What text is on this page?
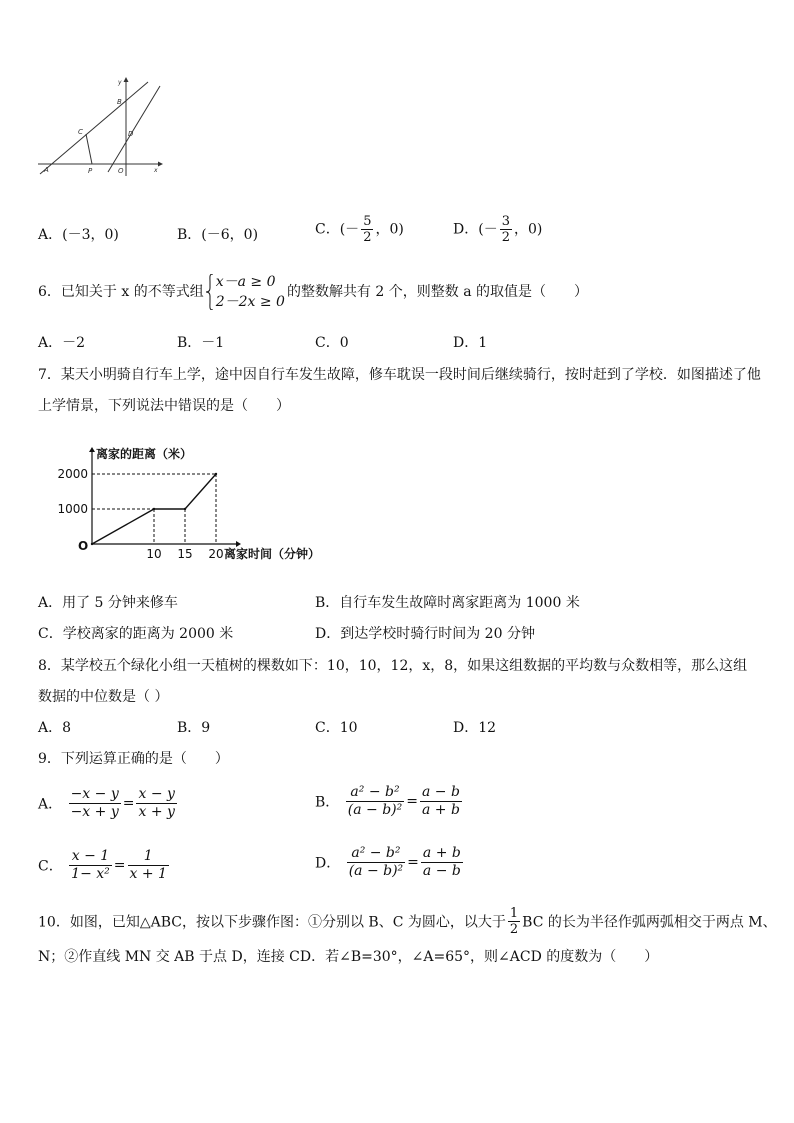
y
x
B
C	D
A	P	O
A．(－3，0)	B．(－6，0)	C．(－ $\frac{5}{2}$ ，0)	D．(－ $\frac{3}{2}$ ，0)
6．已知关于 x 的不等式组
x－a ≥ 0
2－2x ≥ 0
的整数解共有 2 个，则整数 a 的取值是（　　）
A．－2	B．－1	C．0	D．1
7．某天小明骑自行车上学，途中因自行车发生故障，修车耽误一段时间后继续骑行，按时赶到了学校．如图描述了他
上学情景，下列说法中错误的是（　　）
离家的距离（米）
离家时间（分钟）
O
1000
2000
10 15 20
A．用了 5 分钟来修车	B．自行车发生故障时离家距离为 1000 米
C．学校离家的距离为 2000 米	D．到达学校时骑行时间为 20 分钟
8．某学校五个绿化小组一天植树的棵数如下：10，10，12，x，8，如果这组数据的平均数与众数相等，那么这组
数据的中位数是（ ）
A．8	B．9	C．10	D．12
9．下列运算正确的是（　　）
A． $\frac{-x - y}{-x + y} = \frac{x - y}{x + y}$	B． $\frac{\text{a² − b²}}{\text{(a − b)²}} = \frac{a - b}{a + b}$
C． $\frac{x - 1}{\text{1− x²}} = \frac{1}{x + 1}$	D． $\frac{\text{a² − b²}}{\text{(a − b)²}} = \frac{a + b}{a - b}$
10．如图，已知△ABC，按以下步骤作图：①分别以 B、C 为圆心，以大于 $\frac{1}{2}$ BC 的长为半径作弧两弧相交于两点 M、
N；②作直线 MN 交 AB 于点 D，连接 CD．若∠B=30°，∠A=65°，则∠ACD 的度数为（　　）
